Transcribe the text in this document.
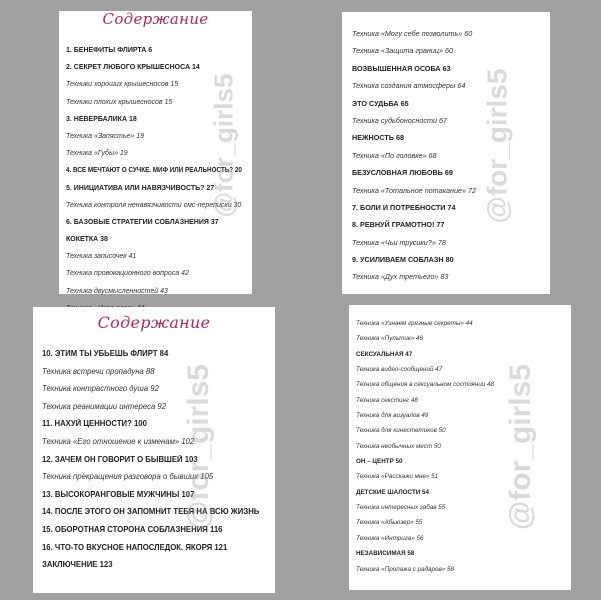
Содержание
1. БЕНЕФИТЫ ФЛИРТА 6
2. СЕКРЕТ ЛЮБОГО КРЫШЕСНОСА 14
Техники хороших крышесносов 15
Техники плохих крышесносов 15
3. НЕВЕРБАЛИКА 18
Техника «Запястье» 19
Техника «Губы» 19
4. ВСЕ МЕЧТАЮТ О СУЧКЕ. МИФ ИЛИ РЕАЛЬНОСТЬ? 20
5. ИНИЦИАТИВА ИЛИ НАВЯЗЧИВОСТЬ? 27
Техника контроля ненавязчивости смс-переписки 30
6. БАЗОВЫЕ СТРАТЕГИИ СОБЛАЗНЕНИЯ 37
КОКЕТКА 38
Техника записочек 41
Техника провокационного вопроса 42
Техника двусмысленностей 43
Техника «Могу себе позволить» 60
Техника «Защита границ» 60
ВОЗВЫШЕННАЯ ОСОБА 63
Техника создания атмосферы 64
ЭТО СУДЬБА 65
Техника судьбоносности 67
НЕЖНОСТЬ 68
Техника «По головке» 68
БЕЗУСЛОВНАЯ ЛЮБОВЬ 69
Техника «Тотальное потакание» 72
7. БОЛИ И ПОТРЕБНОСТИ 74
8. РЕВНУЙ ГРАМОТНО! 77
Техника «Чьи трусики?» 78
9. УСИЛИВАЕМ СОБЛАЗН 80
Техника «Дух третьего» 83
Содержание
10. ЭТИМ ТЫ УБЬЕШЬ ФЛИРТ 84
Техника встречи пропадуна 88
Техника контрастного душа 92
Техника реанимации интереса 92
11. НАХУЙ ЦЕННОСТИ? 100
Техника «Его отношение к изменам» 102
12. ЗАЧЕМ ОН ГОВОРИТ О БЫВШЕЙ 103
Техника прекращения разговора о бывших 105
13. ВЫСОКОРАНГОВЫЕ МУЖЧИНЫ 107
14. ПОСЛЕ ЭТОГО ОН ЗАПОМНИТ ТЕБЯ НА ВСЮ ЖИЗНЬ
15. ОБОРОТНАЯ СТОРОНА СОБЛАЗНЕНИЯ 116
16. ЧТО-ТО ВКУСНОЕ НАПОСЛЕДОК. ЯКОРЯ 121
ЗАКЛЮЧЕНИЕ 123
Техника «Узнаем грязные секреты» 44
Техника «Пультик» 46
СЕКСУАЛЬНАЯ 47
Техника видео-сообщений 47
Техника общения в сексуальном состоянии 48
Техника секстинг 48
Техника для визуалов 49
Техника для кинестетиков 50
Техника необычных мест 50
ОН – ЦЕНТР 50
Техника «Расскажи мне» 51
ДЕТСКИЕ ШАЛОСТИ 54
Техника интересных забав 55
Техника «Абьюзер» 55
Техника «Интрига» 56
НЕЗАВИСИМАЯ 58
Техника «Пропажа с радаров» 58
@for_girls5	@for_girls5
@for_girls5	@for_girls5
